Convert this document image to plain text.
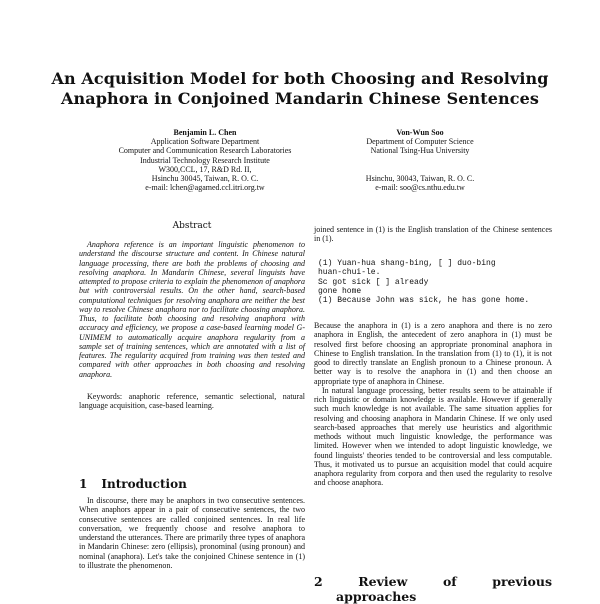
An Acquisition Model for both Choosing and Resolving
Anaphora in Conjoined Mandarin Chinese Sentences
Benjamin L. Chen
Application Software Department
Computer and Communication Research Laboratories
Industrial Technology Research Institute
W300,CCL, 17, R&D Rd. II,
Hsinchu 30045, Taiwan, R. O. C.
e-mail: lchen@agamed.ccl.itri.org.tw
Von-Wun Soo
Department of Computer Science
National Tsing-Hua University

Hsinchu, 30043, Taiwan, R. O. C.
e-mail: soo@cs.nthu.edu.tw
Abstract

Anaphora reference is an important linguistic phenomenon to understand the discourse structure and content. In Chinese natural language processing, there are both the problems of choosing and resolving anaphora. In Mandarin Chinese, several linguists have attempted to propose criteria to explain the phenomenon of anaphora but with controversial results. On the other hand, search-based computational techniques for resolving anaphora are neither the best way to resolve Chinese anaphora nor to facilitate choosing anaphora. Thus, to facilitate both choosing and resolving anaphora with accuracy and efficiency, we propose a case-based learning model G-UNIMEM to automatically acquire anaphora regularity from a sample set of training sentences, which are annotated with a list of features. The regularity acquired from training was then tested and compared with other approaches in both choosing and resolving anaphora.

Keywords: anaphoric reference, semantic selectional, natural language acquisition, case-based learning.

1 Introduction

In discourse, there may be anaphors in two consecutive sentences. When anaphors appear in a pair of consecutive sentences, the two consecutive sentences are called conjoined sentences. In real life conversation, we frequently choose and resolve anaphora to understand the utterances. There are primarily three types of anaphora in Mandarin Chinese: zero (ellipsis), pronominal (using pronoun) and nominal (anaphora). Let's take the conjoined Chinese sentence in (1) to illustrate the phenomenon.

joined sentence in (1) is the English translation of the Chinese sentences in (1).

(1) Yuan-hua shang-bing, [ ] duo-bing
huan-chui-le.
Sc got sick [ ] already
gone home
(1) Because John was sick, he has gone home.

Because the anaphora in (1) is a zero anaphora and there is no zero anaphora in English, the antecedent of zero anaphora in (1) must be resolved first before choosing an appropriate pronominal anaphora in Chinese to English translation. In the translation from (1) to (1), it is not good to directly translate an English pronoun to a Chinese pronoun. A better way is to resolve the anaphora in (1) and then choose an appropriate type of anaphora in Chinese.

In natural language processing, better results seem to be attainable if rich linguistic or domain knowledge is available. However if generally such much knowledge is not available. The same situation applies for resolving and choosing anaphora in Mandarin Chinese. If we only used search-based approaches that merely use heuristics and algorithmic methods without much linguistic knowledge, the performance was limited. However when we intended to adopt linguistic knowledge, we found linguists' theories tended to be controversial and less computable. Thus, it motivated us to pursue an acquisition model that could acquire anaphora regularity from corpora and then used the regularity to resolve and choose anaphora.

2	Review	of	previous
approaches
